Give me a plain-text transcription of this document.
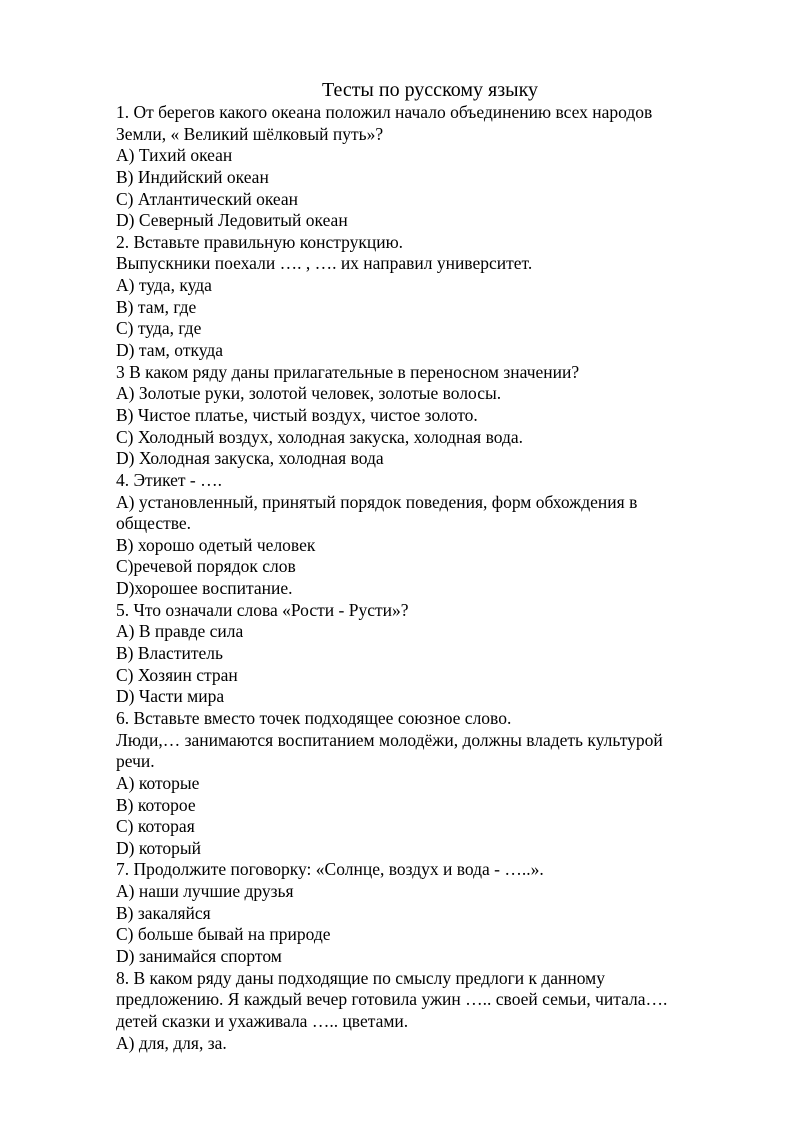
Тесты по русскому языку
1. От берегов какого океана положил начало объединению всех народов
Земли, « Великий шёлковый путь»?
A) Тихий океан
B) Индийский океан
C) Атлантический океан
D) Северный Ледовитый океан
2. Вставьте правильную конструкцию.
Выпускники поехали …. , …. их направил университет.
A) туда, куда
B) там, где
C) туда, где
D) там, откуда
3 В каком ряду даны прилагательные в переносном значении?
A) Золотые руки, золотой человек, золотые волосы.
B) Чистое платье, чистый воздух, чистое золото.
C) Холодный воздух, холодная закуска, холодная вода.
D) Холодная закуска, холодная вода
4. Этикет - ….
A) установленный, принятый порядок поведения, форм обхождения в
обществе.
B) хорошо одетый человек
C)речевой порядок слов
D)хорошее воспитание.
5. Что означали слова «Рости - Русти»?
A) В правде сила
B) Властитель
C) Хозяин стран
D) Части мира
6. Вставьте вместо точек подходящее союзное слово.
Люди,… занимаются воспитанием молодёжи, должны владеть культурой
речи.
A) которые
B) которое
C) которая
D) который
7. Продолжите поговорку: «Солнце, воздух и вода - …..».
A) наши лучшие друзья
B) закаляйся
C) больше бывай на природе
D) занимайся спортом
8. В каком ряду даны подходящие по смыслу предлоги к данному
предложению. Я каждый вечер готовила ужин ….. своей семьи, читала….
детей сказки и ухаживала ….. цветами.
A) для, для, за.
